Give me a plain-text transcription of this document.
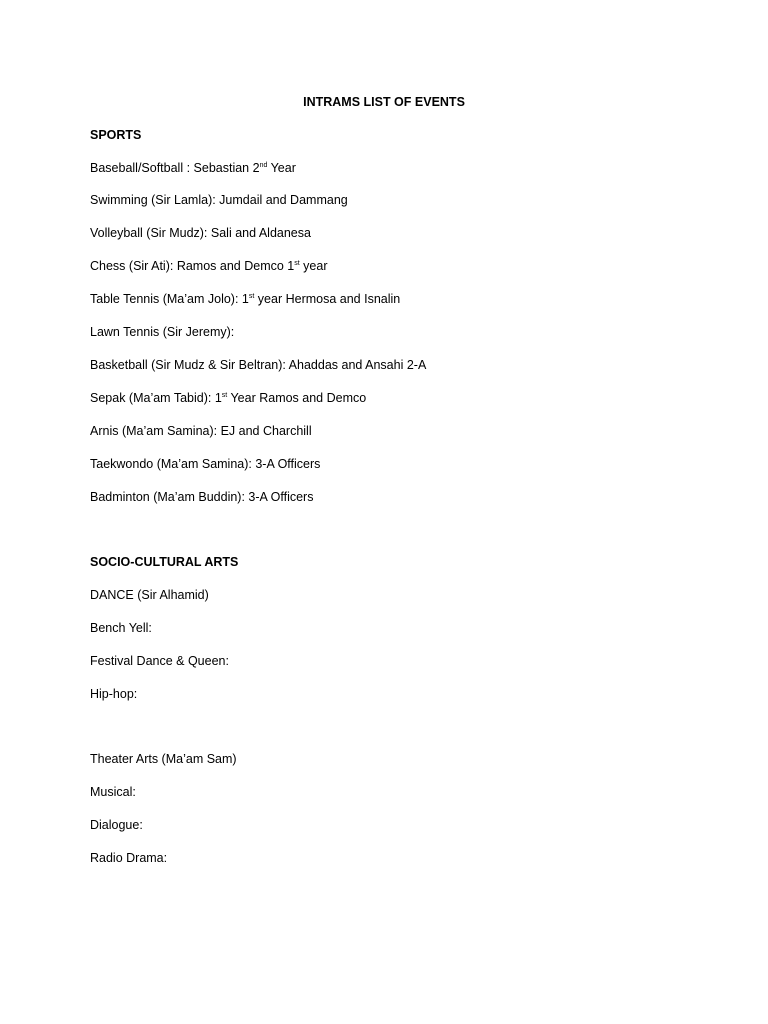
INTRAMS LIST OF EVENTS
SPORTS
Baseball/Softball : Sebastian 2nd Year
Swimming (Sir Lamla): Jumdail and Dammang
Volleyball (Sir Mudz): Sali and Aldanesa
Chess (Sir Ati): Ramos and Demco 1st year
Table Tennis (Ma’am Jolo): 1st year Hermosa and Isnalin
Lawn Tennis (Sir Jeremy):
Basketball (Sir Mudz & Sir Beltran): Ahaddas and Ansahi 2-A
Sepak (Ma’am Tabid): 1st Year Ramos and Demco
Arnis (Ma’am Samina): EJ and Charchill
Taekwondo (Ma’am Samina): 3-A Officers
Badminton (Ma’am Buddin): 3-A Officers
SOCIO-CULTURAL ARTS
DANCE (Sir Alhamid)
Bench Yell:
Festival Dance & Queen:
Hip-hop:
Theater Arts (Ma’am Sam)
Musical:
Dialogue:
Radio Drama:
